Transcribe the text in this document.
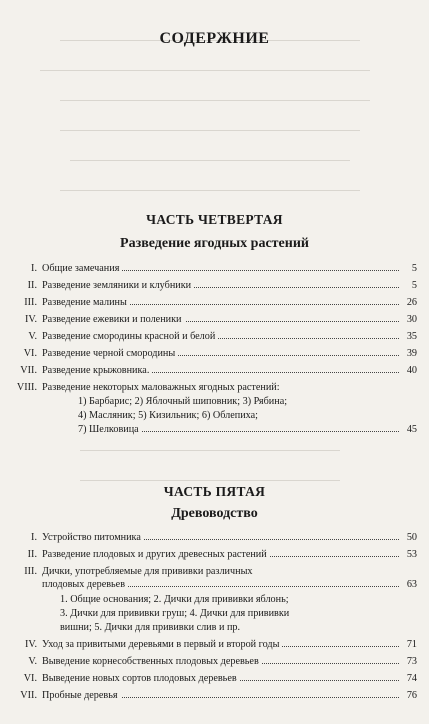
СОДЕРЖНИЕ
ЧАСТЬ ЧЕТВЕРТАЯ
Разведение ягодных растений
I. Общие замечания	5
II. Разведение земляники и клубники	5
III. Разведение малины	26
IV. Разведение ежевики и поленики	30
V. Разведение смородины красной и белой	35
VI. Разведение черной смородины	39
VII. Разведение крыжовника.	40
VIII. Разведение некоторых маловажных ягодных растений:
1) Барбарис; 2) Яблочный шиповник; 3) Рябина;
4) Масляник; 5) Кизильник; 6) Облепиха;
7) Шелковица	45
ЧАСТЬ ПЯТАЯ
Древоводство
I. Устройство питомника	50
II. Разведение плодовых и других древесных растений	53
III. Дички, употребляемые для прививки различных
плодовых деревьев	63
1. Общие основания; 2. Дички для прививки яблонь;
3. Дички для прививки груш; 4. Дички для прививки
вишни; 5. Дички для прививки слив и пр.
IV. Уход за привитыми деревьями в первый и второй годы	71
V. Выведение корнесобственных плодовых деревьев	73
VI. Выведение новых сортов плодовых деревьев	74
VII. Пробные деревья	76
